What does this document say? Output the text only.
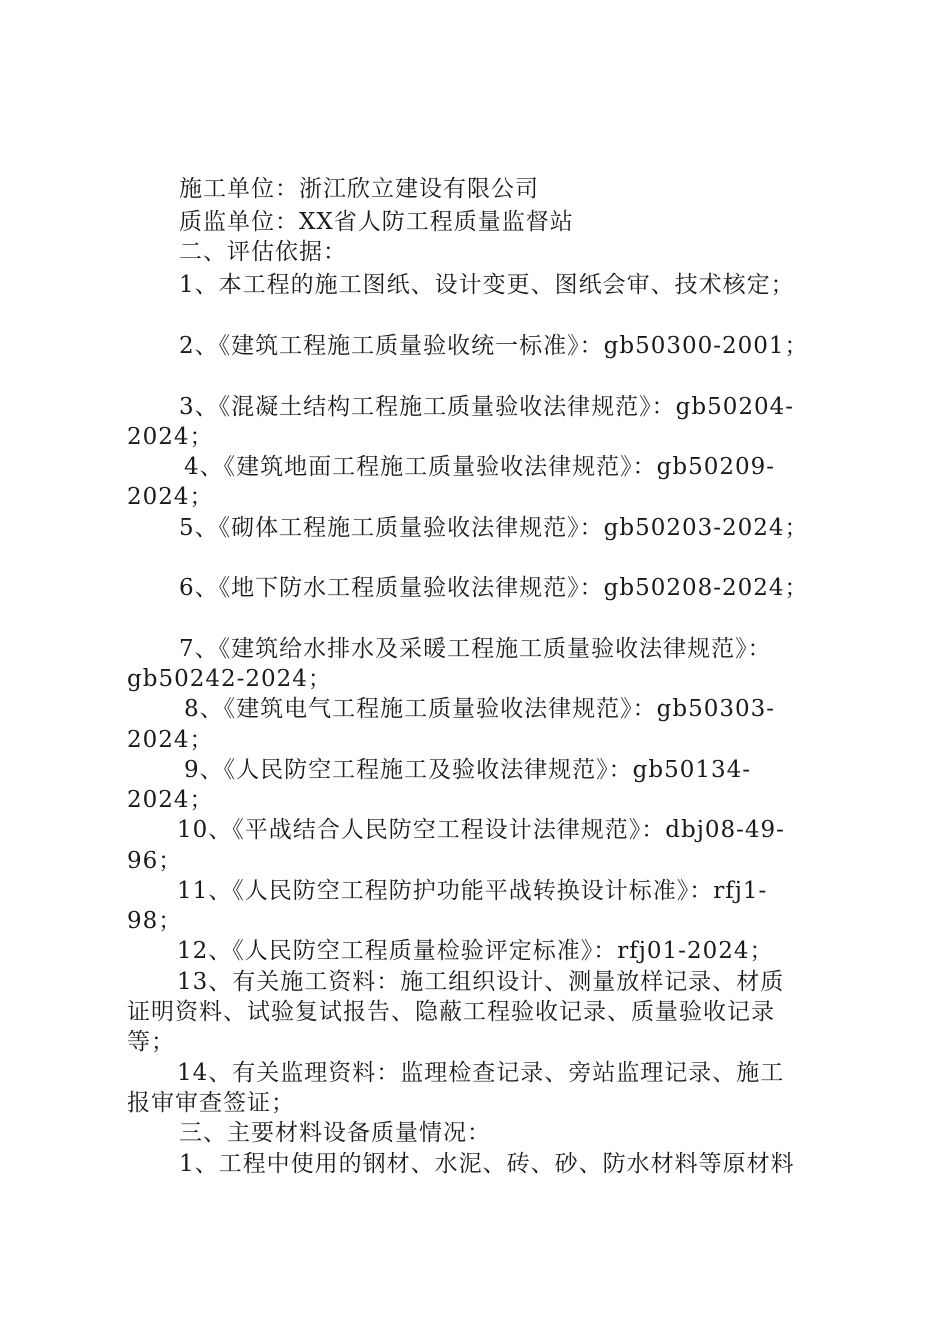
施工单位：浙江欣立建设有限公司
质监单位：XX省人防工程质量监督站
二、评估依据：
1、本工程的施工图纸、设计变更、图纸会审、技术核定；
2、《建筑工程施工质量验收统一标准》：gb50300-2001；
3、《混凝土结构工程施工质量验收法律规范》：gb50204-
2024；
4、《建筑地面工程施工质量验收法律规范》：gb50209-
2024；
5、《砌体工程施工质量验收法律规范》：gb50203-2024；
6、《地下防水工程质量验收法律规范》：gb50208-2024；
7、《建筑给水排水及采暖工程施工质量验收法律规范》：
gb50242-2024；
8、《建筑电气工程施工质量验收法律规范》：gb50303-
2024；
9、《人民防空工程施工及验收法律规范》：gb50134-
2024；
10、《平战结合人民防空工程设计法律规范》：dbj08-49-
96；
11、《人民防空工程防护功能平战转换设计标准》：rfj1-
98；
12、《人民防空工程质量检验评定标准》：rfj01-2024；
13、有关施工资料：施工组织设计、测量放样记录、材质
证明资料、试验复试报告、隐蔽工程验收记录、质量验收记录
等；
14、有关监理资料：监理检查记录、旁站监理记录、施工
报审审查签证；
三、主要材料设备质量情况：
1、工程中使用的钢材、水泥、砖、砂、防水材料等原材料
